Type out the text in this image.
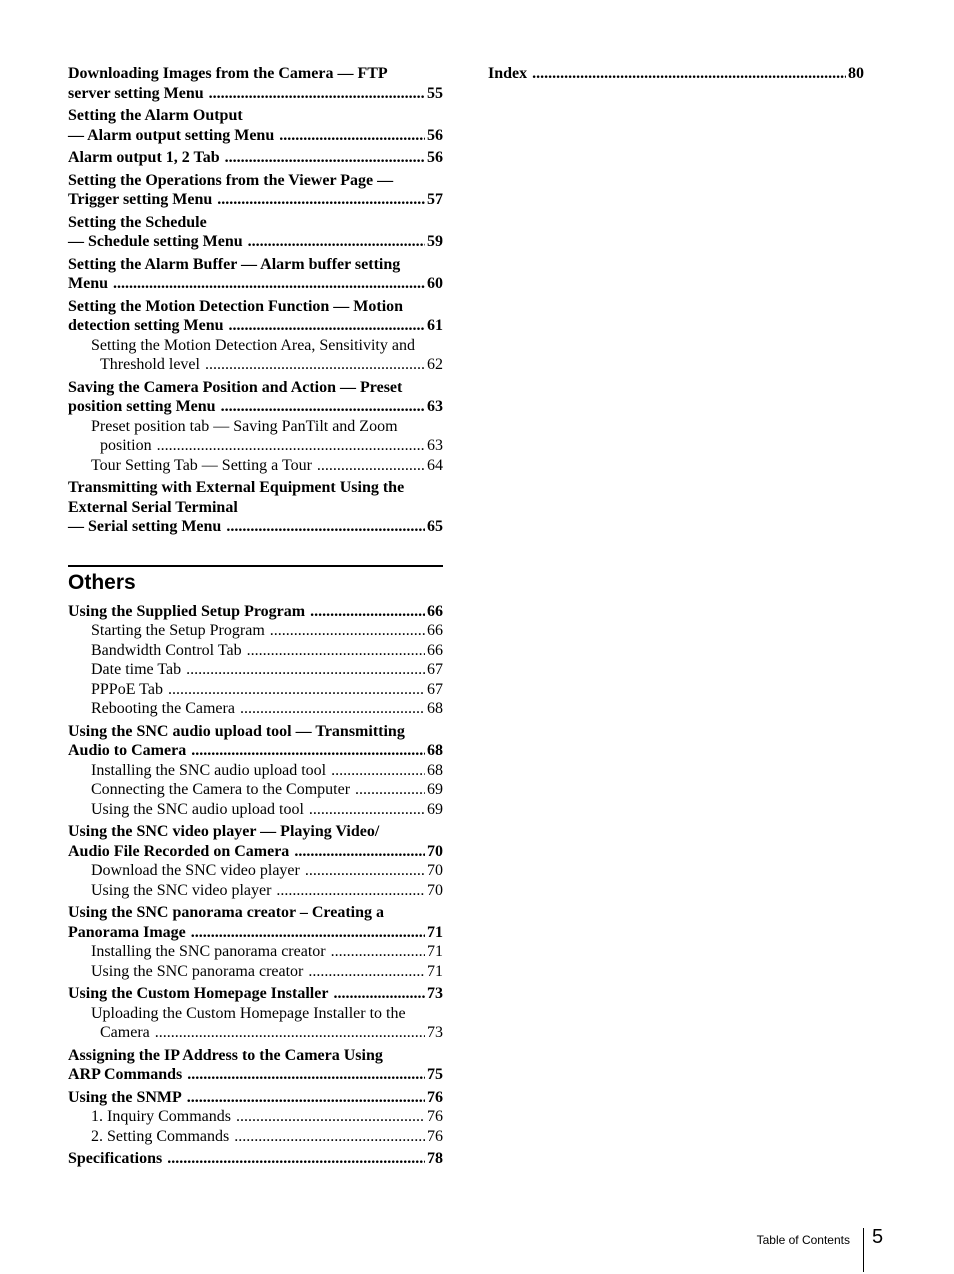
Downloading Images from the Camera — FTP
server setting Menu .....	55
Setting the Alarm Output
— Alarm output setting Menu .....	56
Alarm output 1, 2 Tab .....	56
Setting the Operations from the Viewer Page —
Trigger setting Menu .....	57
Setting the Schedule
— Schedule setting Menu .....	59
Setting the Alarm Buffer — Alarm buffer setting
Menu .....	60
Setting the Motion Detection Function — Motion
detection setting Menu .....	61
Setting the Motion Detection Area, Sensitivity and
Threshold level .....	62
Saving the Camera Position and Action — Preset
position setting Menu .....	63
Preset position tab — Saving PanTilt and Zoom
position .....	63
Tour Setting Tab — Setting a Tour .....	64
Transmitting with External Equipment Using the
External Serial Terminal
— Serial setting Menu .....	65
Others
Using the Supplied Setup Program .....	66
Starting the Setup Program .....	66
Bandwidth Control Tab .....	66
Date time Tab .....	67
PPPoE Tab .....	67
Rebooting the Camera .....	68
Using the SNC audio upload tool — Transmitting
Audio to Camera .....	68
Installing the SNC audio upload tool .....	68
Connecting the Camera to the Computer .....	69
Using the SNC audio upload tool .....	69
Using the SNC video player — Playing Video/
Audio File Recorded on Camera .....	70
Download the SNC video player .....	70
Using the SNC video player .....	70
Using the SNC panorama creator – Creating a
Panorama Image .....	71
Installing the SNC panorama creator .....	71
Using the SNC panorama creator .....	71
Using the Custom Homepage Installer .....	73
Uploading the Custom Homepage Installer to the
Camera .....	73
Assigning the IP Address to the Camera Using
ARP Commands .....	75
Using the SNMP .....	76
1. Inquiry Commands .....	76
2. Setting Commands .....	76
Specifications .....	78
Index .....	80
Table of Contents 5
